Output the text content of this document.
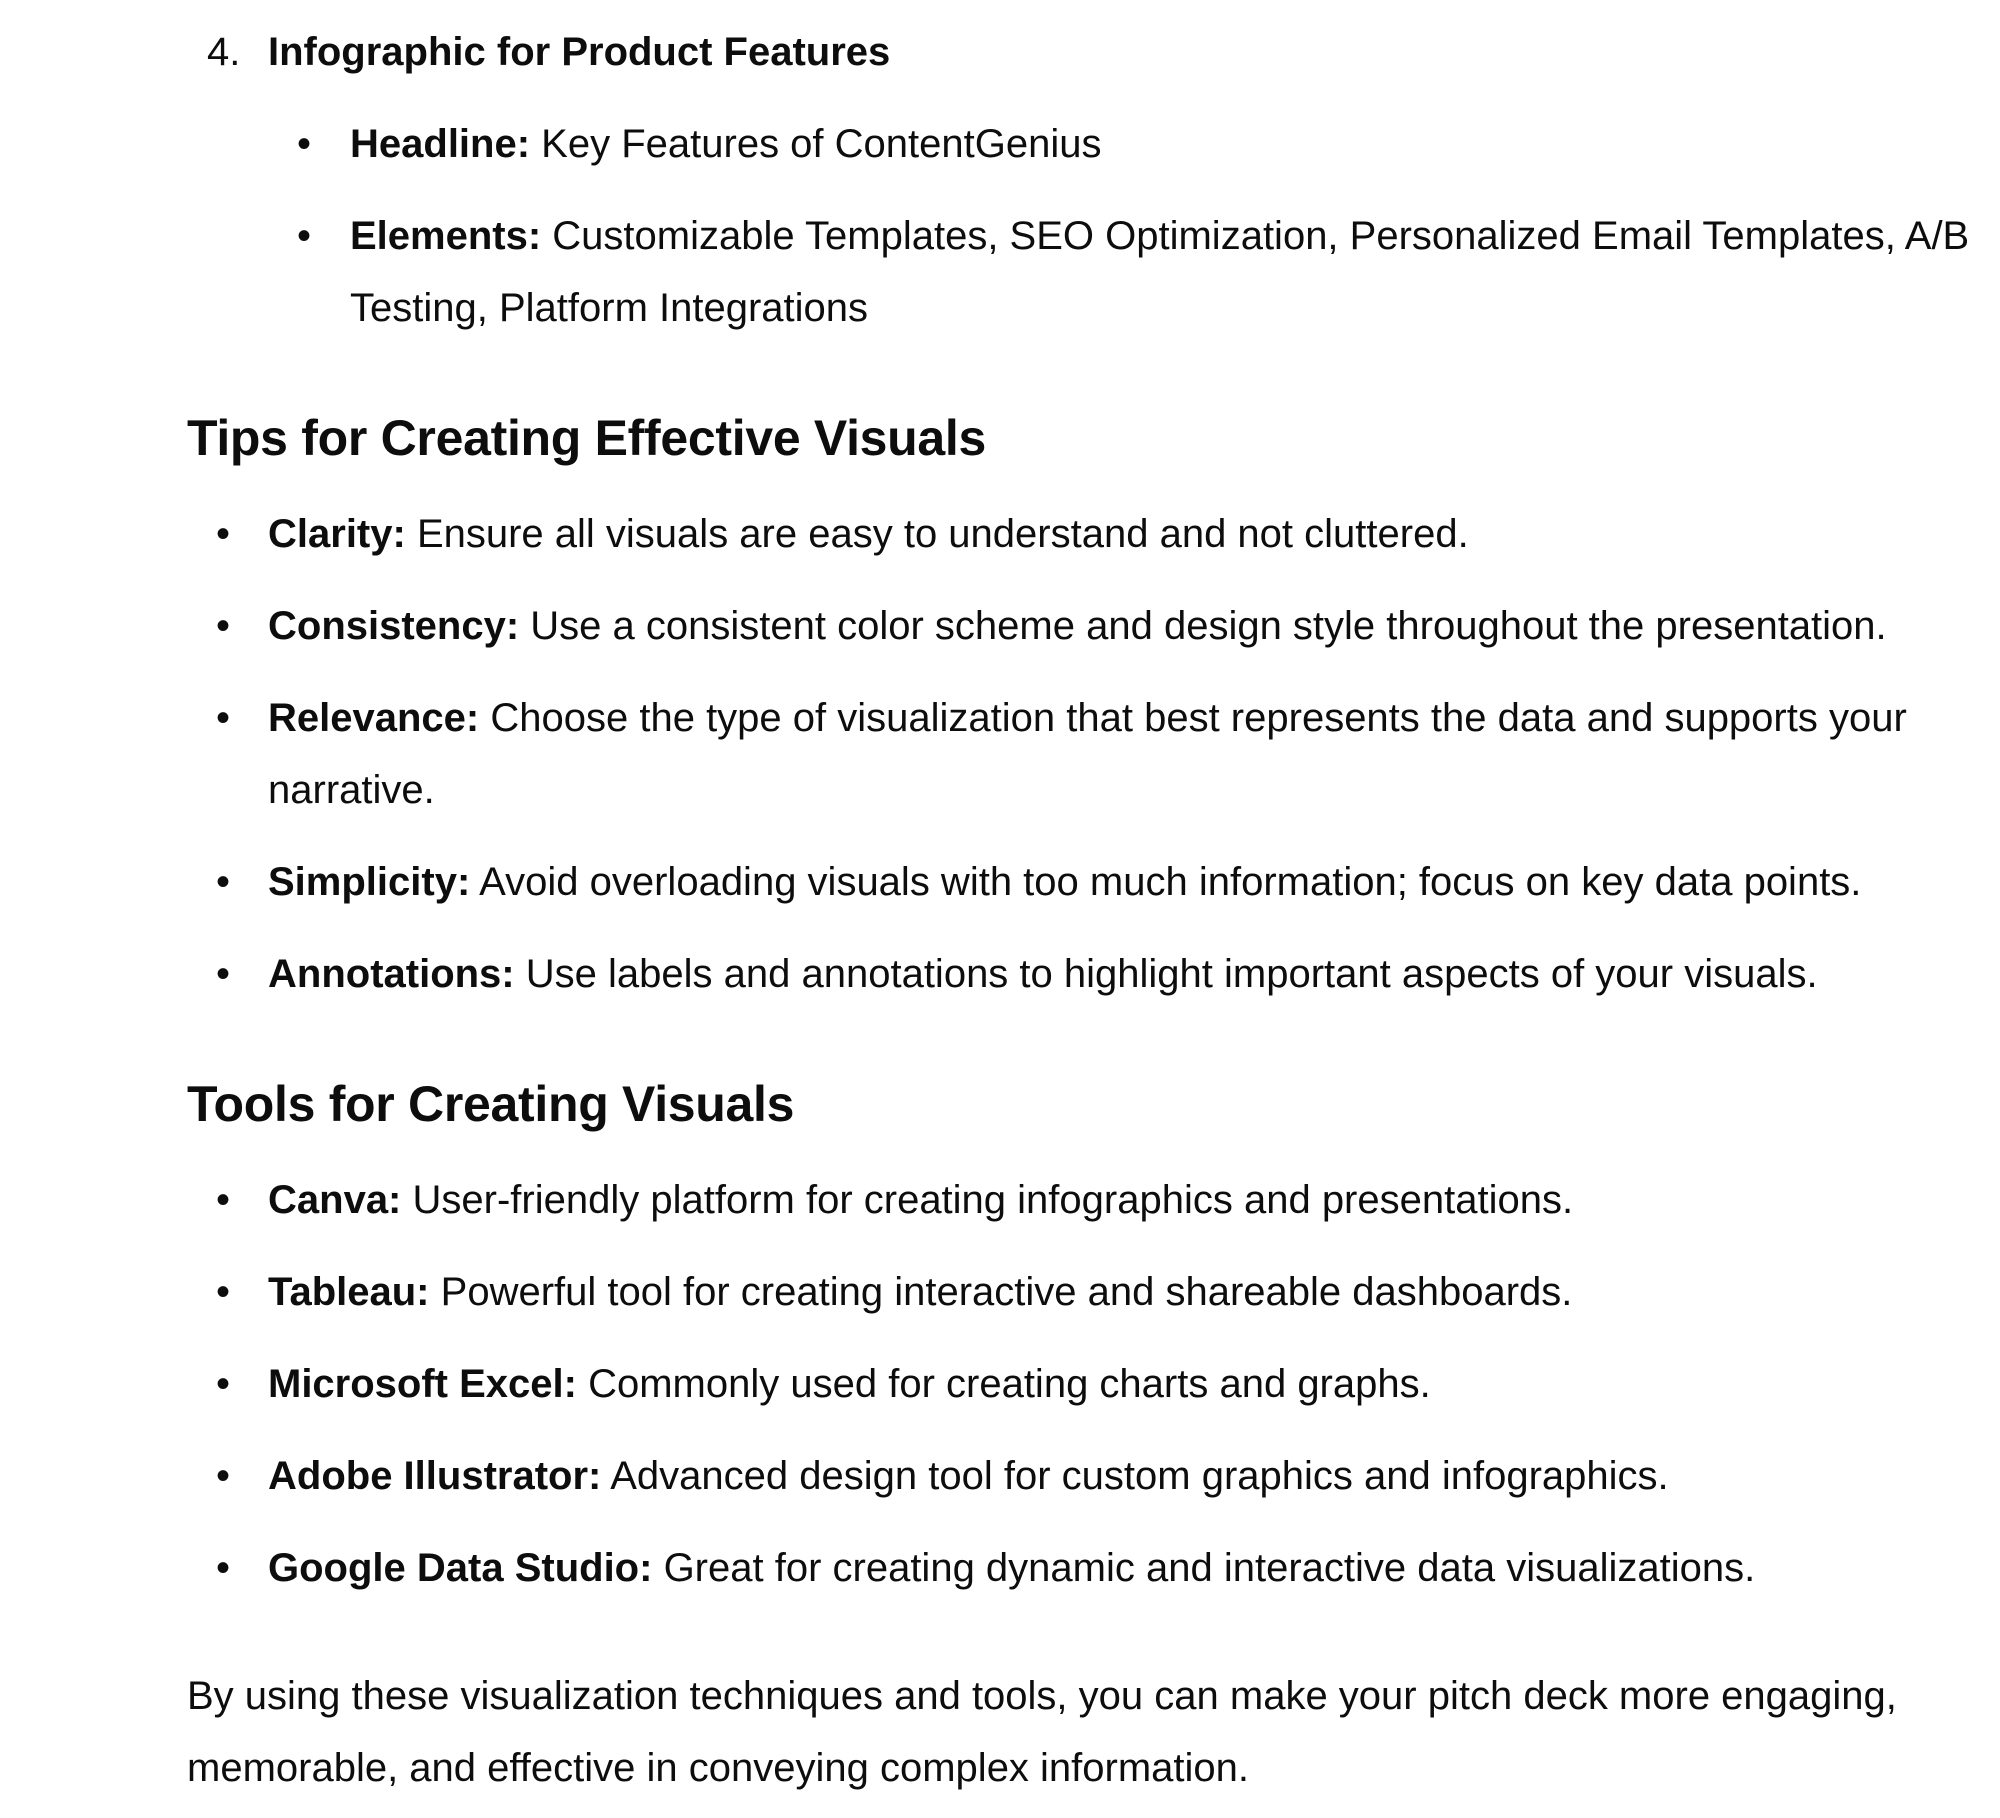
4. Infographic for Product Features
• Headline: Key Features of ContentGenius
• Elements: Customizable Templates, SEO Optimization, Personalized Email Templates, A/B Testing, Platform Integrations
Tips for Creating Effective Visuals
• Clarity: Ensure all visuals are easy to understand and not cluttered.
• Consistency: Use a consistent color scheme and design style throughout the presentation.
• Relevance: Choose the type of visualization that best represents the data and supports your narrative.
• Simplicity: Avoid overloading visuals with too much information; focus on key data points.
• Annotations: Use labels and annotations to highlight important aspects of your visuals.
Tools for Creating Visuals
• Canva: User-friendly platform for creating infographics and presentations.
• Tableau: Powerful tool for creating interactive and shareable dashboards.
• Microsoft Excel: Commonly used for creating charts and graphs.
• Adobe Illustrator: Advanced design tool for custom graphics and infographics.
• Google Data Studio: Great for creating dynamic and interactive data visualizations.
By using these visualization techniques and tools, you can make your pitch deck more engaging, memorable, and effective in conveying complex information.
